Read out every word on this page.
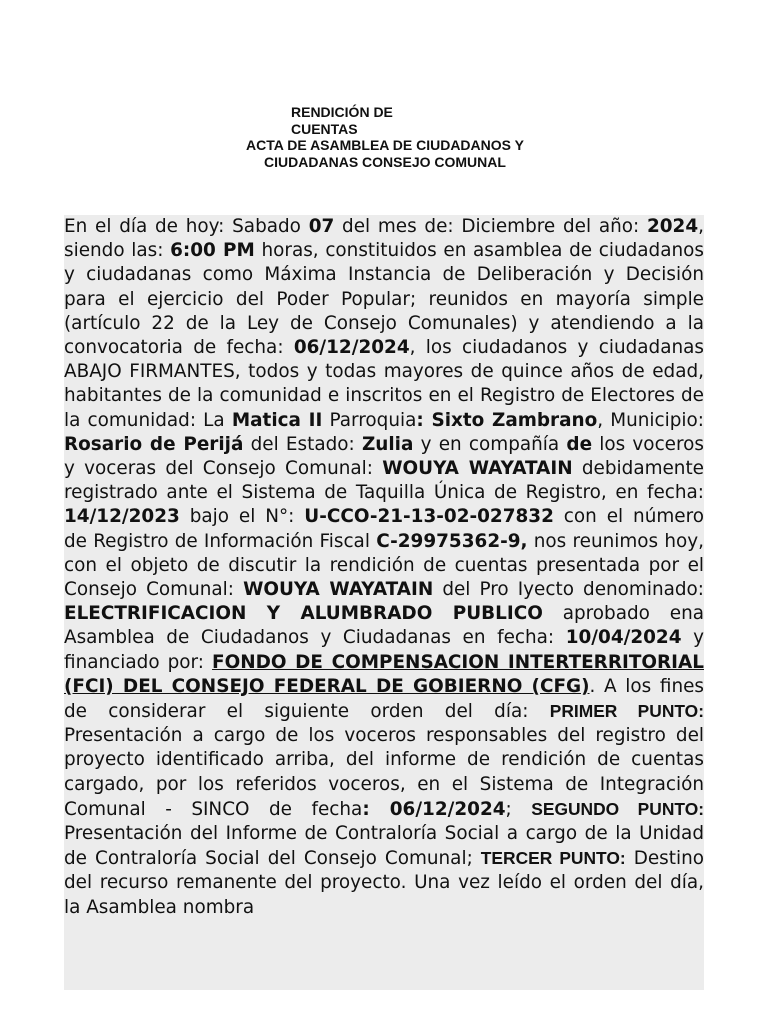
RENDICIÓN DE CUENTAS
ACTA DE ASAMBLEA DE CIUDADANOS Y CIUDADANAS CONSEJO COMUNAL
En el día de hoy: Sabado 07 del mes de: Diciembre del año: 2024, siendo las: 6:00 PM horas, constituidos en asamblea de ciudadanos y ciudadanas como Máxima Instancia de Deliberación y Decisión para el ejercicio del Poder Popular; reunidos en mayoría simple (artículo 22 de la Ley de Consejo Comunales) y atendiendo a la convocatoria de fecha: 06/12/2024, los ciudadanos y ciudadanas ABAJO FIRMANTES, todos y todas mayores de quince años de edad, habitantes de la comunidad e inscritos en el Registro de Electores de la comunidad: La Matica II Parroquia: Sixto Zambrano, Municipio: Rosario de Perijá del Estado: Zulia y en compañía de los voceros y voceras del Consejo Comunal: WOUYA WAYATAIN debidamente registrado ante el Sistema de Taquilla Única de Registro, en fecha: 14/12/2023 bajo el N°: U-CCO-21-13-02-027832 con el número de Registro de Información Fiscal C-29975362-9, nos reunimos hoy, con el objeto de discutir la rendición de cuentas presentada por el Consejo Comunal: WOUYA WAYATAIN del Pro Iyecto denominado: ELECTRIFICACION Y ALUMBRADO PUBLICO aprobado ena Asamblea de Ciudadanos y Ciudadanas en fecha: 10/04/2024 y financiado por: FONDO DE COMPENSACION INTERTERRITORIAL (FCI) DEL CONSEJO FEDERAL DE GOBIERNO (CFG). A los fines de considerar el siguiente orden del día: PRIMER PUNTO: Presentación a cargo de los voceros responsables del registro del proyecto identificado arriba, del informe de rendición de cuentas cargado, por los referidos voceros, en el Sistema de Integración Comunal - SINCO de fecha: 06/12/2024; SEGUNDO PUNTO: Presentación del Informe de Contraloría Social a cargo de la Unidad de Contraloría Social del Consejo Comunal; TERCER PUNTO: Destino del recurso remanente del proyecto. Una vez leído el orden del día, la Asamblea nombra
